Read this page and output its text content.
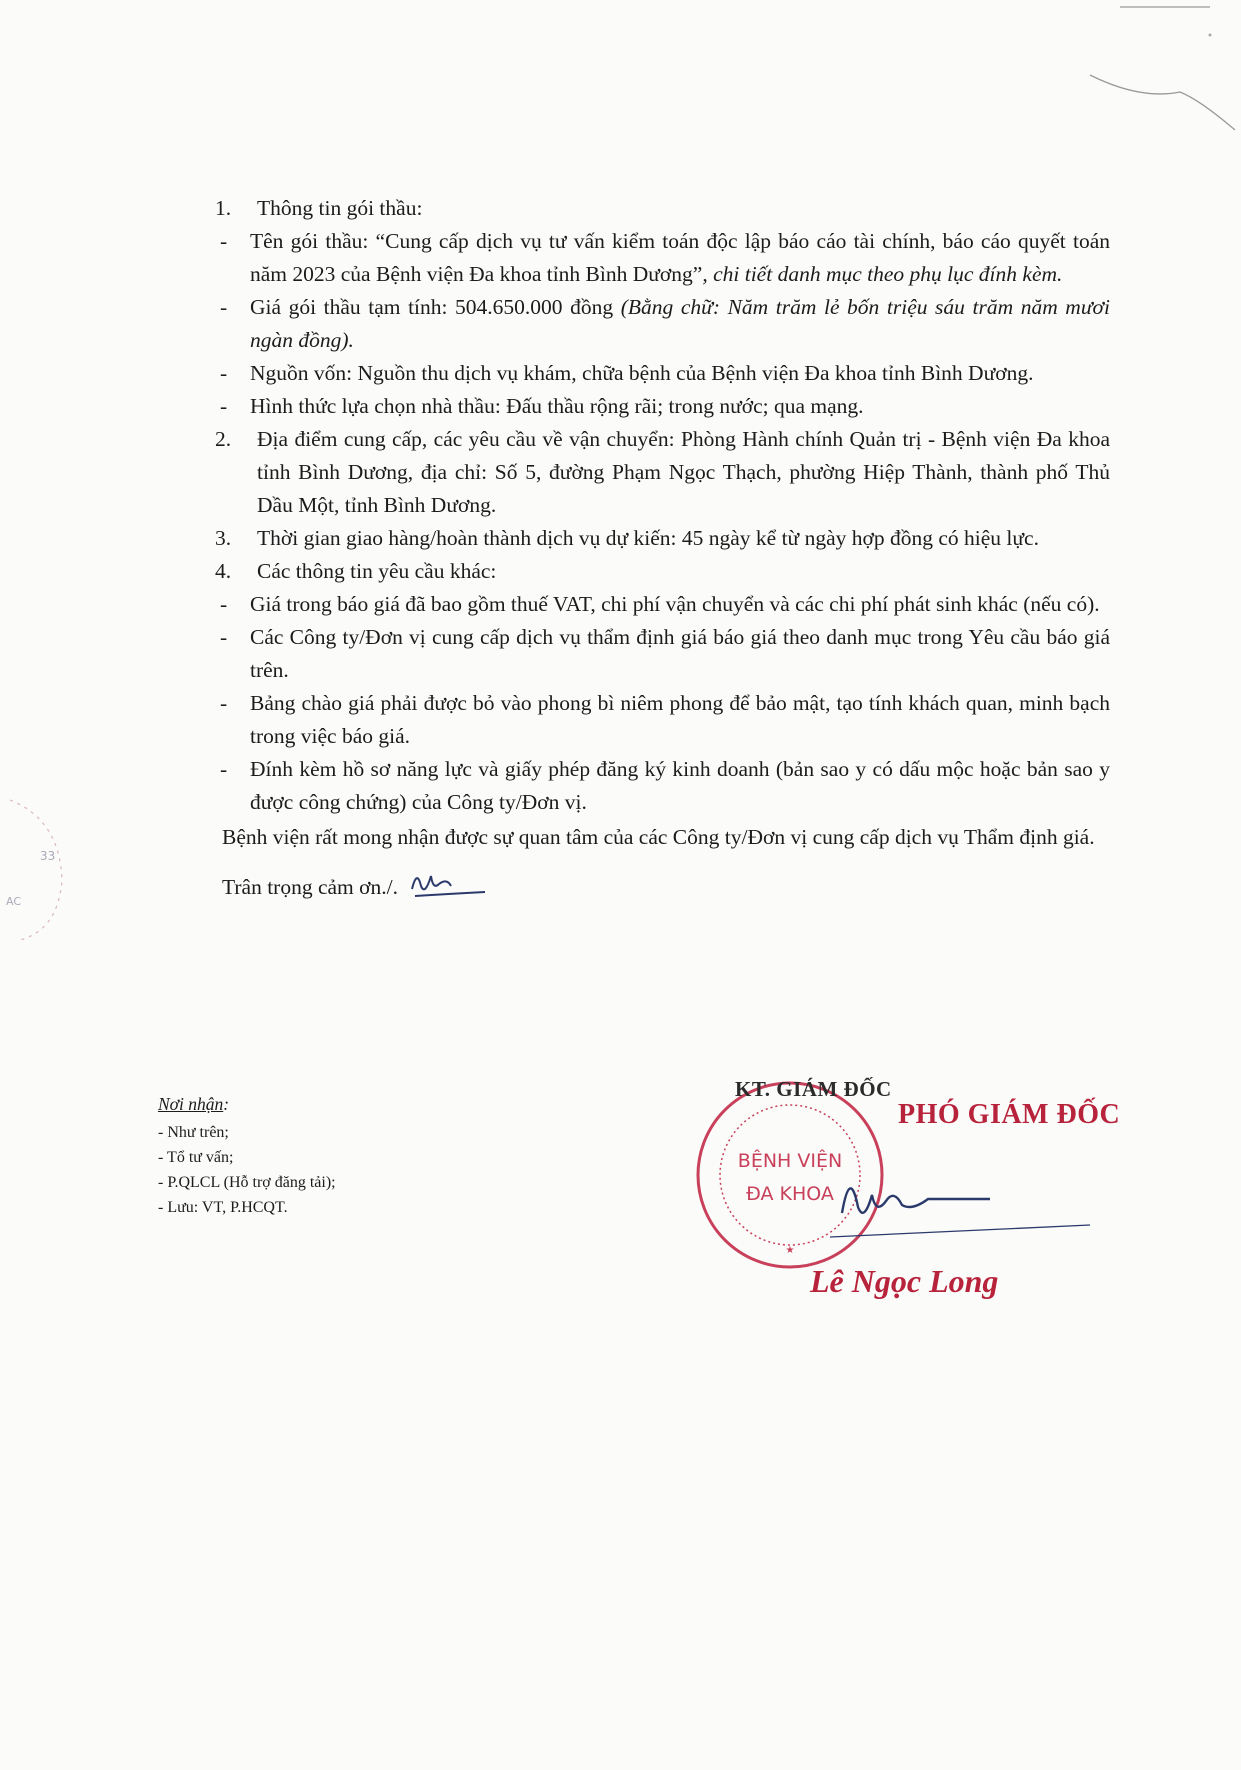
33
AC
1.	Thông tin gói thầu:
-	Tên gói thầu: “Cung cấp dịch vụ tư vấn kiểm toán độc lập báo cáo tài chính, báo cáo quyết toán năm 2023 của Bệnh viện Đa khoa tỉnh Bình Dương”, chi tiết danh mục theo phụ lục đính kèm.
-	Giá gói thầu tạm tính: 504.650.000 đồng (Bằng chữ: Năm trăm lẻ bốn triệu sáu trăm năm mươi ngàn đồng).
-	Nguồn vốn: Nguồn thu dịch vụ khám, chữa bệnh của Bệnh viện Đa khoa tỉnh Bình Dương.
-	Hình thức lựa chọn nhà thầu: Đấu thầu rộng rãi; trong nước; qua mạng.
2.	Địa điểm cung cấp, các yêu cầu về vận chuyển: Phòng Hành chính Quản trị - Bệnh viện Đa khoa tỉnh Bình Dương, địa chỉ: Số 5, đường Phạm Ngọc Thạch, phường Hiệp Thành, thành phố Thủ Dầu Một, tỉnh Bình Dương.
3.	Thời gian giao hàng/hoàn thành dịch vụ dự kiến: 45 ngày kể từ ngày hợp đồng có hiệu lực.
4.	Các thông tin yêu cầu khác:
-	Giá trong báo giá đã bao gồm thuế VAT, chi phí vận chuyển và các chi phí phát sinh khác (nếu có).
-	Các Công ty/Đơn vị cung cấp dịch vụ thẩm định giá báo giá theo danh mục trong Yêu cầu báo giá trên.
-	Bảng chào giá phải được bỏ vào phong bì niêm phong để bảo mật, tạo tính khách quan, minh bạch trong việc báo giá.
-	Đính kèm hồ sơ năng lực và giấy phép đăng ký kinh doanh (bản sao y có dấu mộc hoặc bản sao y được công chứng) của Công ty/Đơn vị.
Bệnh viện rất mong nhận được sự quan tâm của các Công ty/Đơn vị cung cấp dịch vụ Thẩm định giá.
Trân trọng cảm ơn./.
Nơi nhận:
- Như trên;
- Tổ tư vấn;
- P.QLCL (Hỗ trợ đăng tải);
- Lưu: VT, P.HCQT.
BỆNH VIỆN
ĐA KHOA
★
KT. GIÁM ĐỐC
PHÓ GIÁM ĐỐC
Lê Ngọc Long
